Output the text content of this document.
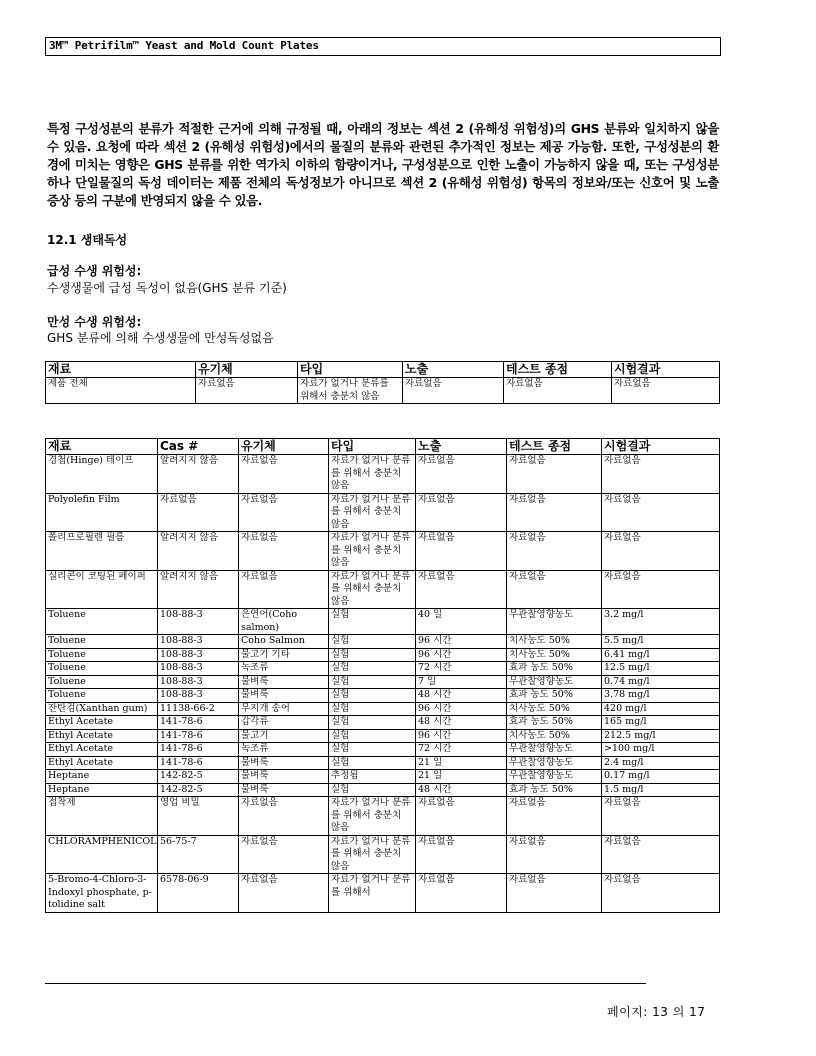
3M™ Petrifilm™ Yeast and Mold Count Plates
특정 구성성분의 분류가 적절한 근거에 의해 규정될 때, 아래의 정보는 섹션 2 (유해성 위험성)의 GHS 분류와 일치하지 않을 수 있음. 요청에 따라 섹션 2 (유해성 위험성)에서의 물질의 분류와 관련된 추가적인 정보는 제공 가능함. 또한, 구성성분의 환경에 미치는 영향은 GHS 분류를 위한 역가치 이하의 함량이거나, 구성성분으로 인한 노출이 가능하지 않을 때, 또는 구성성분 하나 단일물질의 독성 데이터는 제품 전체의 독성정보가 아니므로 섹션 2 (유해성 위험성) 항목의 정보와/또는 신호어 및 노출 증상 등의 구분에 반영되지 않을 수 있음.
12.1 생태독성
급성 수생 위험성:
수생생물에 급성 독성이 없음(GHS 분류 기준)
만성 수생 위험성:
GHS 분류에 의해 수생생물에 만성독성없음
재료	유기체	타입	노출	테스트 종점	시험결과
제품 전체	자료없음	자료가 없거나 분류를 위해서 충분치 않음	자료없음	자료없음	자료없음
재료	Cas #	유기체	타입	노출	테스트 종점	시험결과
경첩(Hinge) 테이프	알려지지 않음	자료없음	자료가 없거나 분류를 위해서 충분치 않음	자료없음	자료없음	자료없음
Polyolefin Film	자료없음	자료없음	자료가 없거나 분류를 위해서 충분치 않음	자료없음	자료없음	자료없음
폴리프로필렌 필름	알려지지 않음	자료없음	자료가 없거나 분류를 위해서 충분치 않음	자료없음	자료없음	자료없음
실리콘이 코팅된 페이퍼	알려지지 않음	자료없음	자료가 없거나 분류를 위해서 충분치 않음	자료없음	자료없음	자료없음
Toluene	108-88-3	은연어(Coho salmon)	실험	40 일	무관찰영향농도	3.2 mg/l
Toluene	108-88-3	Coho Salmon	실험	96 시간	치사농도 50%	5.5 mg/l
Toluene	108-88-3	물고기 기타	실험	96 시간	치사농도 50%	6.41 mg/l
Toluene	108-88-3	녹조류	실험	72 시간	효과 농도 50%	12.5 mg/l
Toluene	108-88-3	물벼룩	실험	7 일	무관찰영향농도	0.74 mg/l
Toluene	108-88-3	물벼룩	실험	48 시간	효과 농도 50%	3.78 mg/l
잔탄검(Xanthan gum)	11138-66-2	무지개 송어	실험	96 시간	치사농도 50%	420 mg/l
Ethyl Acetate	141-78-6	갑각류	실험	48 시간	효과 농도 50%	165 mg/l
Ethyl Acetate	141-78-6	물고기	실험	96 시간	치사농도 50%	212.5 mg/l
Ethyl Acetate	141-78-6	녹조류	실험	72 시간	무관찰영향농도	>100 mg/l
Ethyl Acetate	141-78-6	물벼룩	실험	21 일	무관찰영향농도	2.4 mg/l
Heptane	142-82-5	물벼룩	추정됨	21 일	무관찰영향농도	0.17 mg/l
Heptane	142-82-5	물벼룩	실험	48 시간	효과 농도 50%	1.5 mg/l
접착제	영업 비밀	자료없음	자료가 없거나 분류를 위해서 충분치 않음	자료없음	자료없음	자료없음
CHLORAMPHENICOL	56-75-7	자료없음	자료가 없거나 분류를 위해서 충분치 않음	자료없음	자료없음	자료없음
5-Bromo-4-Chloro-3-Indoxyl phosphate, p-tolidine salt	6578-06-9	자료없음	자료가 없거나 분류를 위해서	자료없음	자료없음	자료없음
페이지: 13 의 17
